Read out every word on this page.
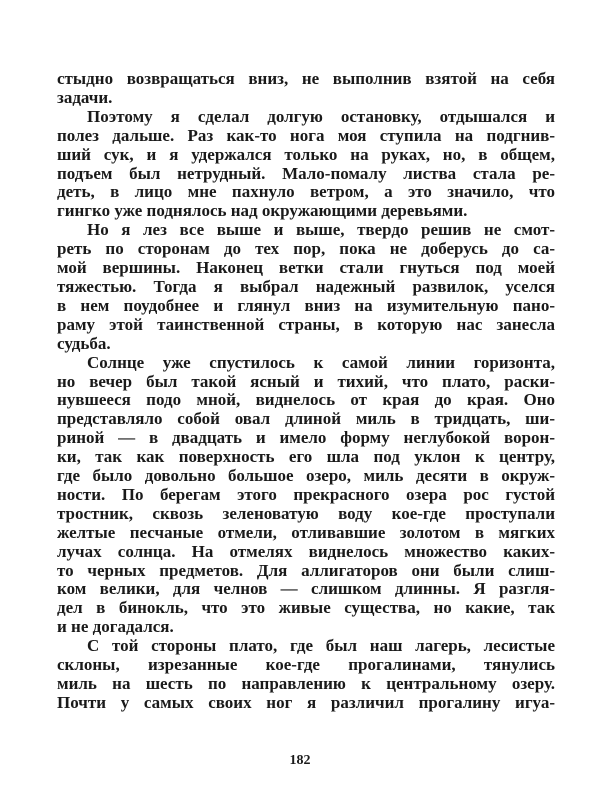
стыдно возвращаться вниз, не выполнив взятой на себя
задачи.
Поэтому я сделал долгую остановку, отдышался и
полез дальше. Раз как-то нога моя ступила на подгнив-
ший сук, и я удержался только на руках, но, в общем,
подъем был нетрудный. Мало-помалу листва стала ре-
деть, в лицо мне пахнуло ветром, а это значило, что
гингко уже поднялось над окружающими деревьями.
Но я лез все выше и выше, твердо решив не смот-
реть по сторонам до тех пор, пока не доберусь до са-
мой вершины. Наконец ветки стали гнуться под моей
тяжестью. Тогда я выбрал надежный развилок, уселся
в нем поудобнее и глянул вниз на изумительную пано-
раму этой таинственной страны, в которую нас занесла
судьба.
Солнце уже спустилось к самой линии горизонта,
но вечер был такой ясный и тихий, что плато, раски-
нувшееся подо мной, виднелось от края до края. Оно
представляло собой овал длиной миль в тридцать, ши-
риной — в двадцать и имело форму неглубокой ворон-
ки, так как поверхность его шла под уклон к центру,
где было довольно большое озеро, миль десяти в окруж-
ности. По берегам этого прекрасного озера рос густой
тростник, сквозь зеленоватую воду кое-где проступали
желтые песчаные отмели, отливавшие золотом в мягких
лучах солнца. На отмелях виднелось множество каких-
то черных предметов. Для аллигаторов они были слиш-
ком велики, для челнов — слишком длинны. Я разгля-
дел в бинокль, что это живые существа, но какие, так
и не догадался.
С той стороны плато, где был наш лагерь, лесистые
склоны, изрезанные кое-где прогалинами, тянулись
миль на шесть по направлению к центральному озеру.
Почти у самых своих ног я различил прогалину игуа-
182
